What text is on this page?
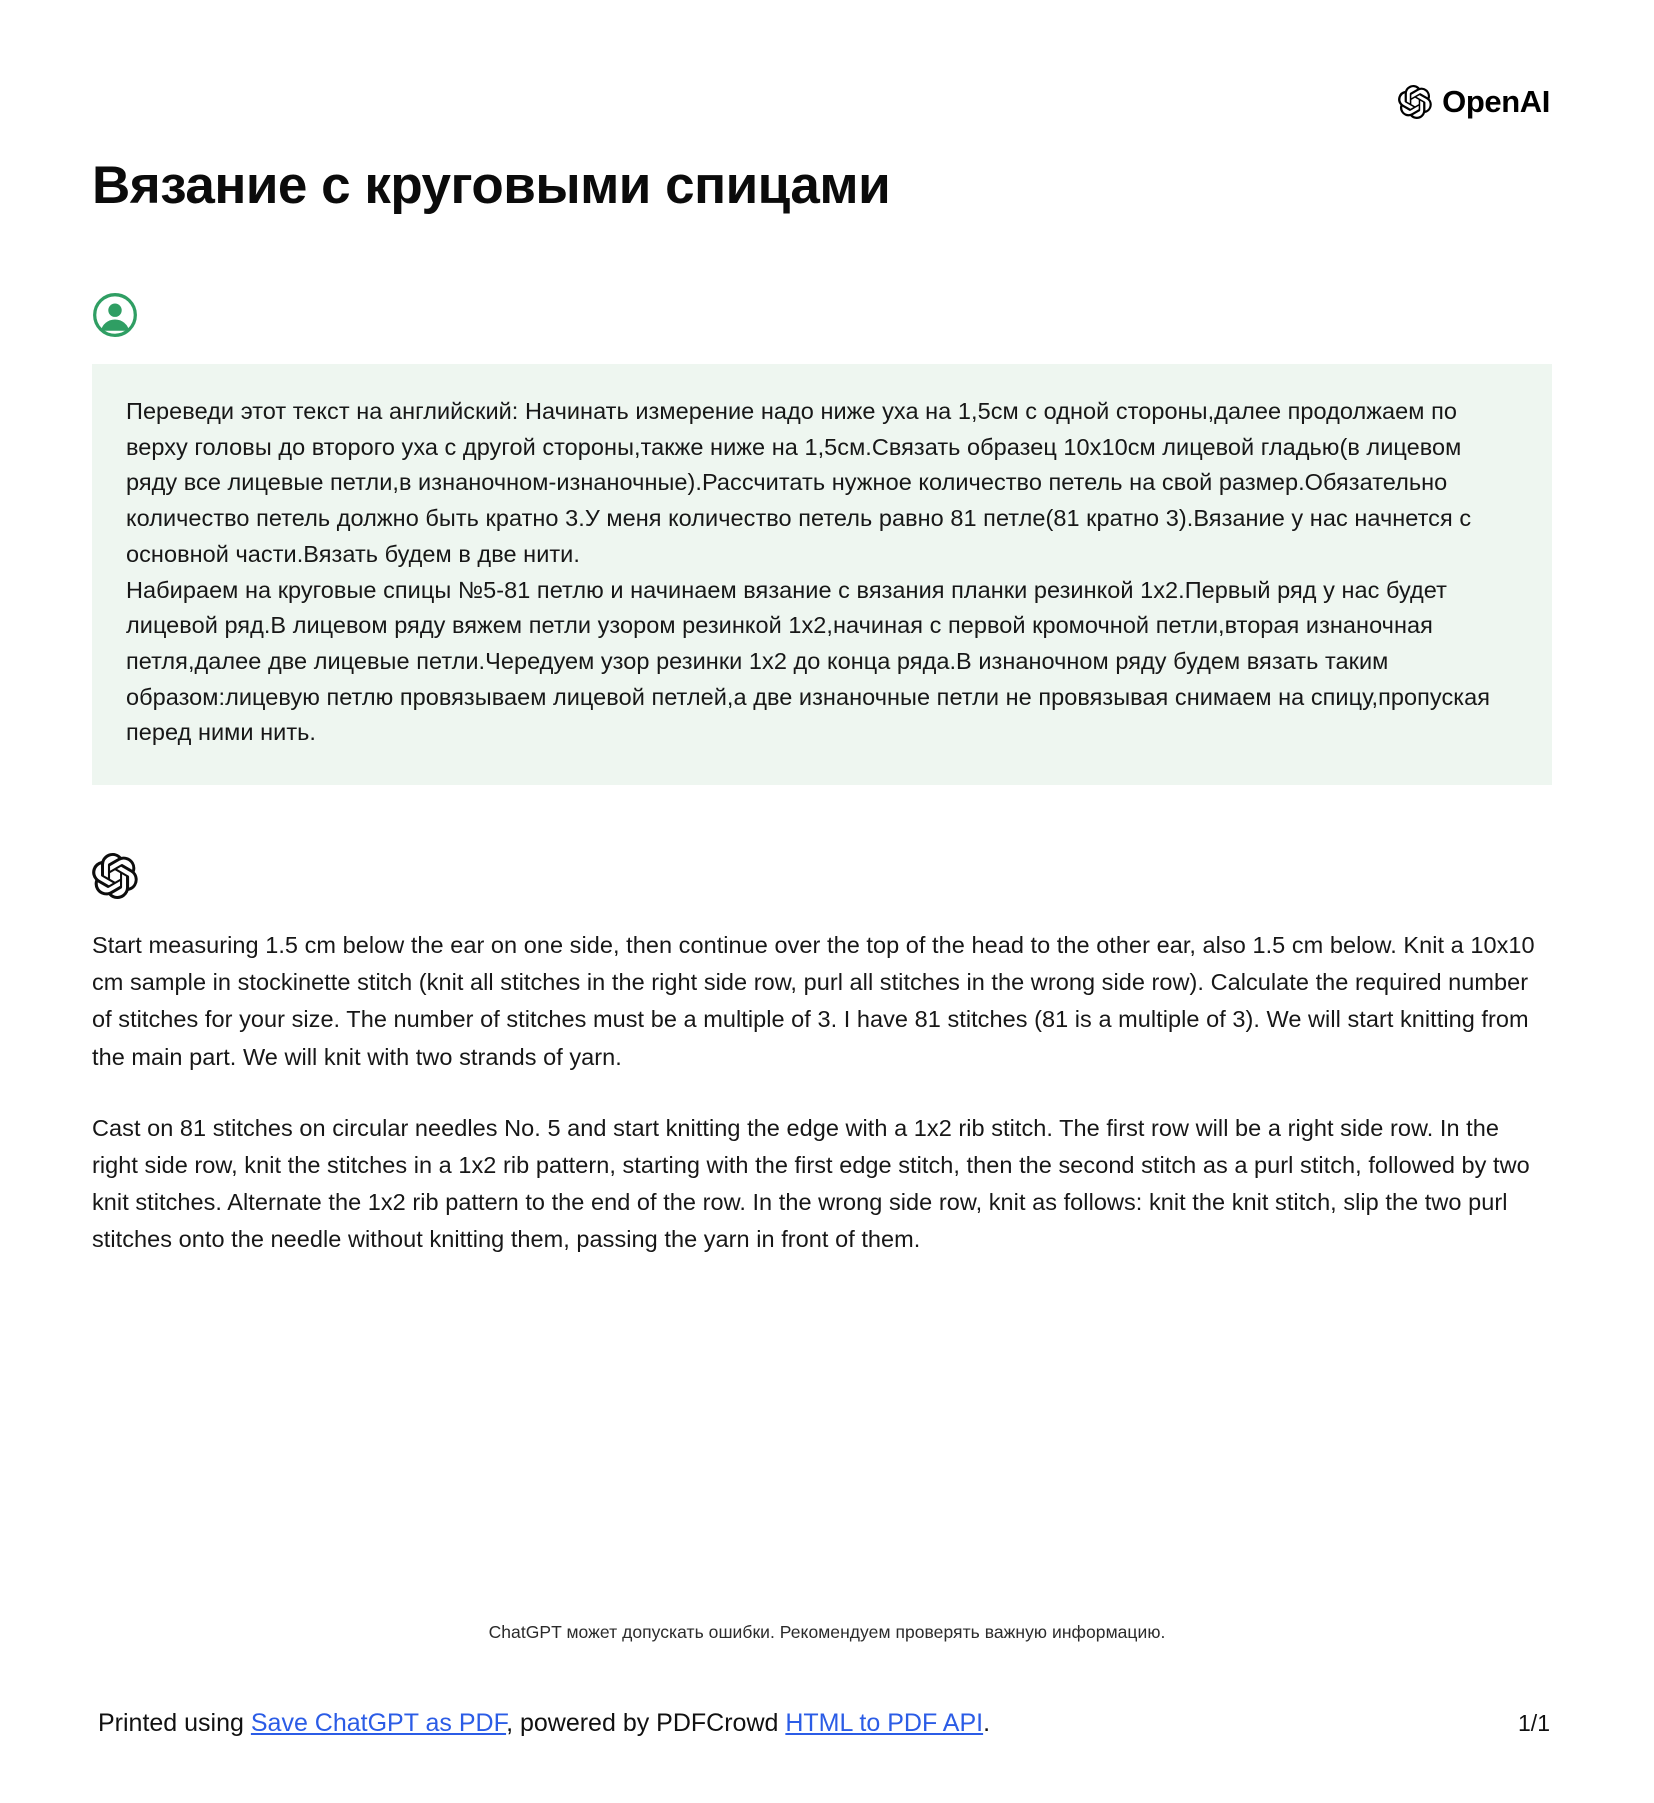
OpenAI
Вязание с круговыми спицами

Переведи этот текст на английский: Начинать измерение надо ниже уха на 1,5см с одной стороны,далее продолжаем по верху головы до второго уха с другой стороны,также ниже на 1,5см.Связать образец 10x10см лицевой гладью(в лицевом ряду все лицевые петли,в изнаночном-изнаночные).Рассчитать нужное количество петель на свой размер.Обязательно количество петель должно быть кратно 3.У меня количество петель равно 81 петле(81 кратно 3).Вязание у нас начнется с основной части.Вязать будем в две нити.

Набираем на круговые спицы №5-81 петлю и начинаем вязание с вязания планки резинкой 1x2.Первый ряд у нас будет лицевой ряд.В лицевом ряду вяжем петли узором резинкой 1x2,начиная с первой кромочной петли,вторая изнаночная петля,далее две лицевые петли.Чередуем узор резинки 1x2 до конца ряда.В изнаночном ряду будем вязать таким образом:лицевую петлю провязываем лицевой петлей,а две изнаночные петли не провязывая снимаем на спицу,пропуская перед ними нить.

Start measuring 1.5 cm below the ear on one side, then continue over the top of the head to the other ear, also 1.5 cm below. Knit a 10x10 cm sample in stockinette stitch (knit all stitches in the right side row, purl all stitches in the wrong side row). Calculate the required number of stitches for your size. The number of stitches must be a multiple of 3. I have 81 stitches (81 is a multiple of 3). We will start knitting from the main part. We will knit with two strands of yarn.

Cast on 81 stitches on circular needles No. 5 and start knitting the edge with a 1x2 rib stitch. The first row will be a right side row. In the right side row, knit the stitches in a 1x2 rib pattern, starting with the first edge stitch, then the second stitch as a purl stitch, followed by two knit stitches. Alternate the 1x2 rib pattern to the end of the row. In the wrong side row, knit as follows: knit the knit stitch, slip the two purl stitches onto the needle without knitting them, passing the yarn in front of them.

ChatGPT может допускать ошибки. Рекомендуем проверять важную информацию.
Printed using Save ChatGPT as PDF, powered by PDFCrowd HTML to PDF API.	1/1
